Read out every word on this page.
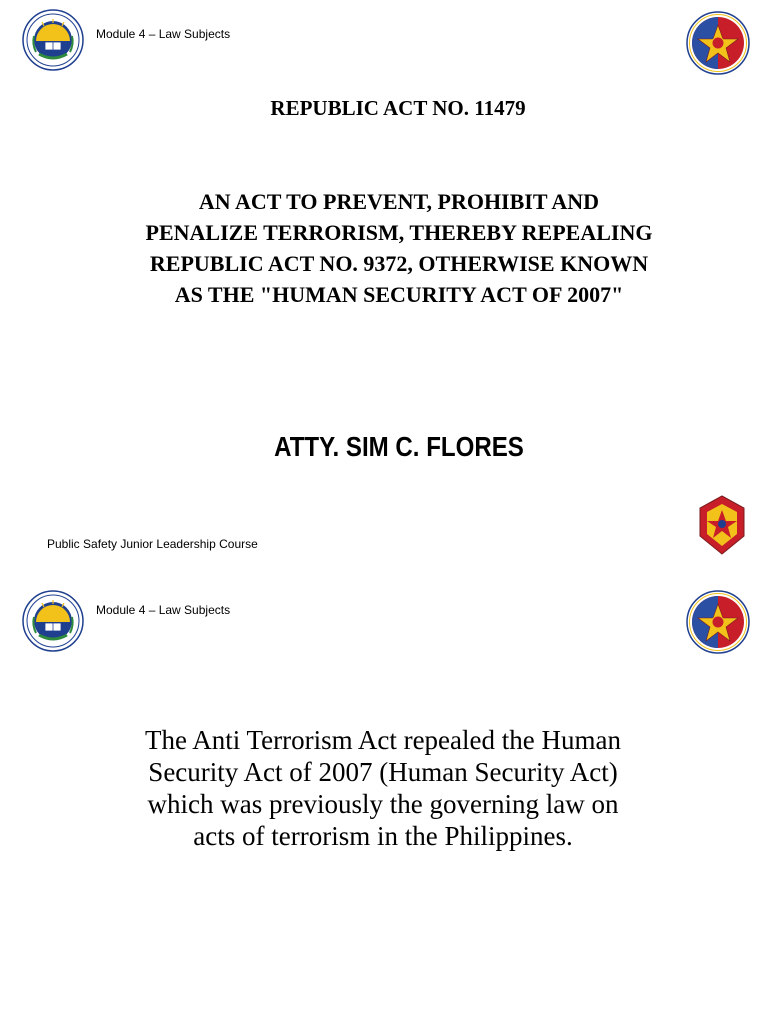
Module 4 – Law Subjects
REPUBLIC ACT NO. 11479
AN ACT TO PREVENT, PROHIBIT AND PENALIZE TERRORISM, THEREBY REPEALING REPUBLIC ACT NO. 9372, OTHERWISE KNOWN AS THE "HUMAN SECURITY ACT OF 2007"
ATTY. SIM C. FLORES
Public Safety Junior Leadership Course
Module 4 – Law Subjects
The Anti Terrorism Act repealed the Human Security Act of 2007 (Human Security Act) which was previously the governing law on acts of terrorism in the Philippines.
